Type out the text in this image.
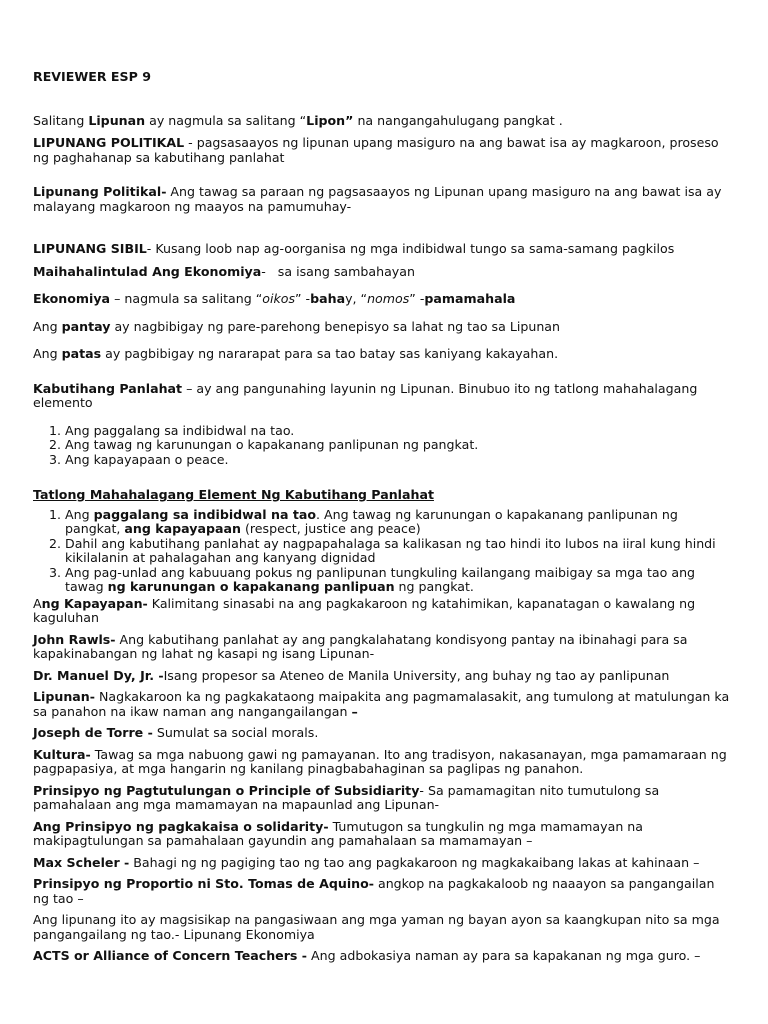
REVIEWER ESP 9

Salitang Lipunan ay nagmula sa salitang “Lipon” na nangangahulugang pangkat .

LIPUNANG POLITIKAL - pagsasaayos ng lipunan upang masiguro na ang bawat isa ay magkaroon, proseso ng paghahanap sa kabutihang panlahat

Lipunang Politikal- Ang tawag sa paraan ng pagsasaayos ng Lipunan upang masiguro na ang bawat isa ay malayang magkaroon ng maayos na pamumuhay-

LIPUNANG SIBIL- Kusang loob nap ag-oorganisa ng mga indibidwal tungo sa sama-samang pagkilos

Maihahalintulad Ang Ekonomiya-   sa isang sambahayan

Ekonomiya – nagmula sa salitang “oikos” -bahay, “nomos” -pamamahala

Ang pantay ay nagbibigay ng pare-parehong benepisyo sa lahat ng tao sa Lipunan

Ang patas ay pagbibigay ng nararapat para sa tao batay sas kaniyang kakayahan.

Kabutihang Panlahat – ay ang pangunahing layunin ng Lipunan. Binubuo ito ng tatlong mahahalagang elemento

1. Ang paggalang sa indibidwal na tao.
2. Ang tawag ng karunungan o kapakanang panlipunan ng pangkat.
3. Ang kapayapaan o peace.

Tatlong Mahahalagang Element Ng Kabutihang Panlahat

1. Ang paggalang sa indibidwal na tao. Ang tawag ng karunungan o kapakanang panlipunan ng pangkat, ang kapayapaan (respect, justice ang peace)
2. Dahil ang kabutihang panlahat ay nagpapahalaga sa kalikasan ng tao hindi ito lubos na iiral kung hindi kikilalanin at pahalagahan ang kanyang dignidad
3. Ang pag-unlad ang kabuuang pokus ng panlipunan tungkuling kailangang maibigay sa mga tao ang tawag ng karunungan o kapakanang panlipuan ng pangkat.

Ang Kapayapan- Kalimitang sinasabi na ang pagkakaroon ng katahimikan, kapanatagan o kawalang ng kaguluhan

John Rawls- Ang kabutihang panlahat ay ang pangkalahatang kondisyong pantay na ibinahagi para sa kapakinabangan ng lahat ng kasapi ng isang Lipunan-

Dr. Manuel Dy, Jr. -Isang propesor sa Ateneo de Manila University, ang buhay ng tao ay panlipunan

Lipunan- Nagkakaroon ka ng pagkakataong maipakita ang pagmamalasakit, ang tumulong at matulungan ka sa panahon na ikaw naman ang nangangailangan –

Joseph de Torre - Sumulat sa social morals.

Kultura- Tawag sa mga nabuong gawi ng pamayanan. Ito ang tradisyon, nakasanayan, mga pamamaraan ng pagpapasiya, at mga hangarin ng kanilang pinagbabahaginan sa paglipas ng panahon.

Prinsipyo ng Pagtutulungan o Principle of Subsidiarity- Sa pamamagitan nito tumutulong sa pamahalaan ang mga mamamayan na mapaunlad ang Lipunan-

Ang Prinsipyo ng pagkakaisa o solidarity- Tumutugon sa tungkulin ng mga mamamayan na makipagtulungan sa pamahalaan gayundin ang pamahalaan sa mamamayan –

Max Scheler - Bahagi ng ng pagiging tao ng tao ang pagkakaroon ng magkakaibang lakas at kahinaan –

Prinsipyo ng Proportio ni Sto. Tomas de Aquino- angkop na pagkakaloob ng naaayon sa pangangailan ng tao –

Ang lipunang ito ay magsisikap na pangasiwaan ang mga yaman ng bayan ayon sa kaangkupan nito sa mga pangangailang ng tao.- Lipunang Ekonomiya

ACTS or Alliance of Concern Teachers - Ang adbokasiya naman ay para sa kapakanan ng mga guro. –
